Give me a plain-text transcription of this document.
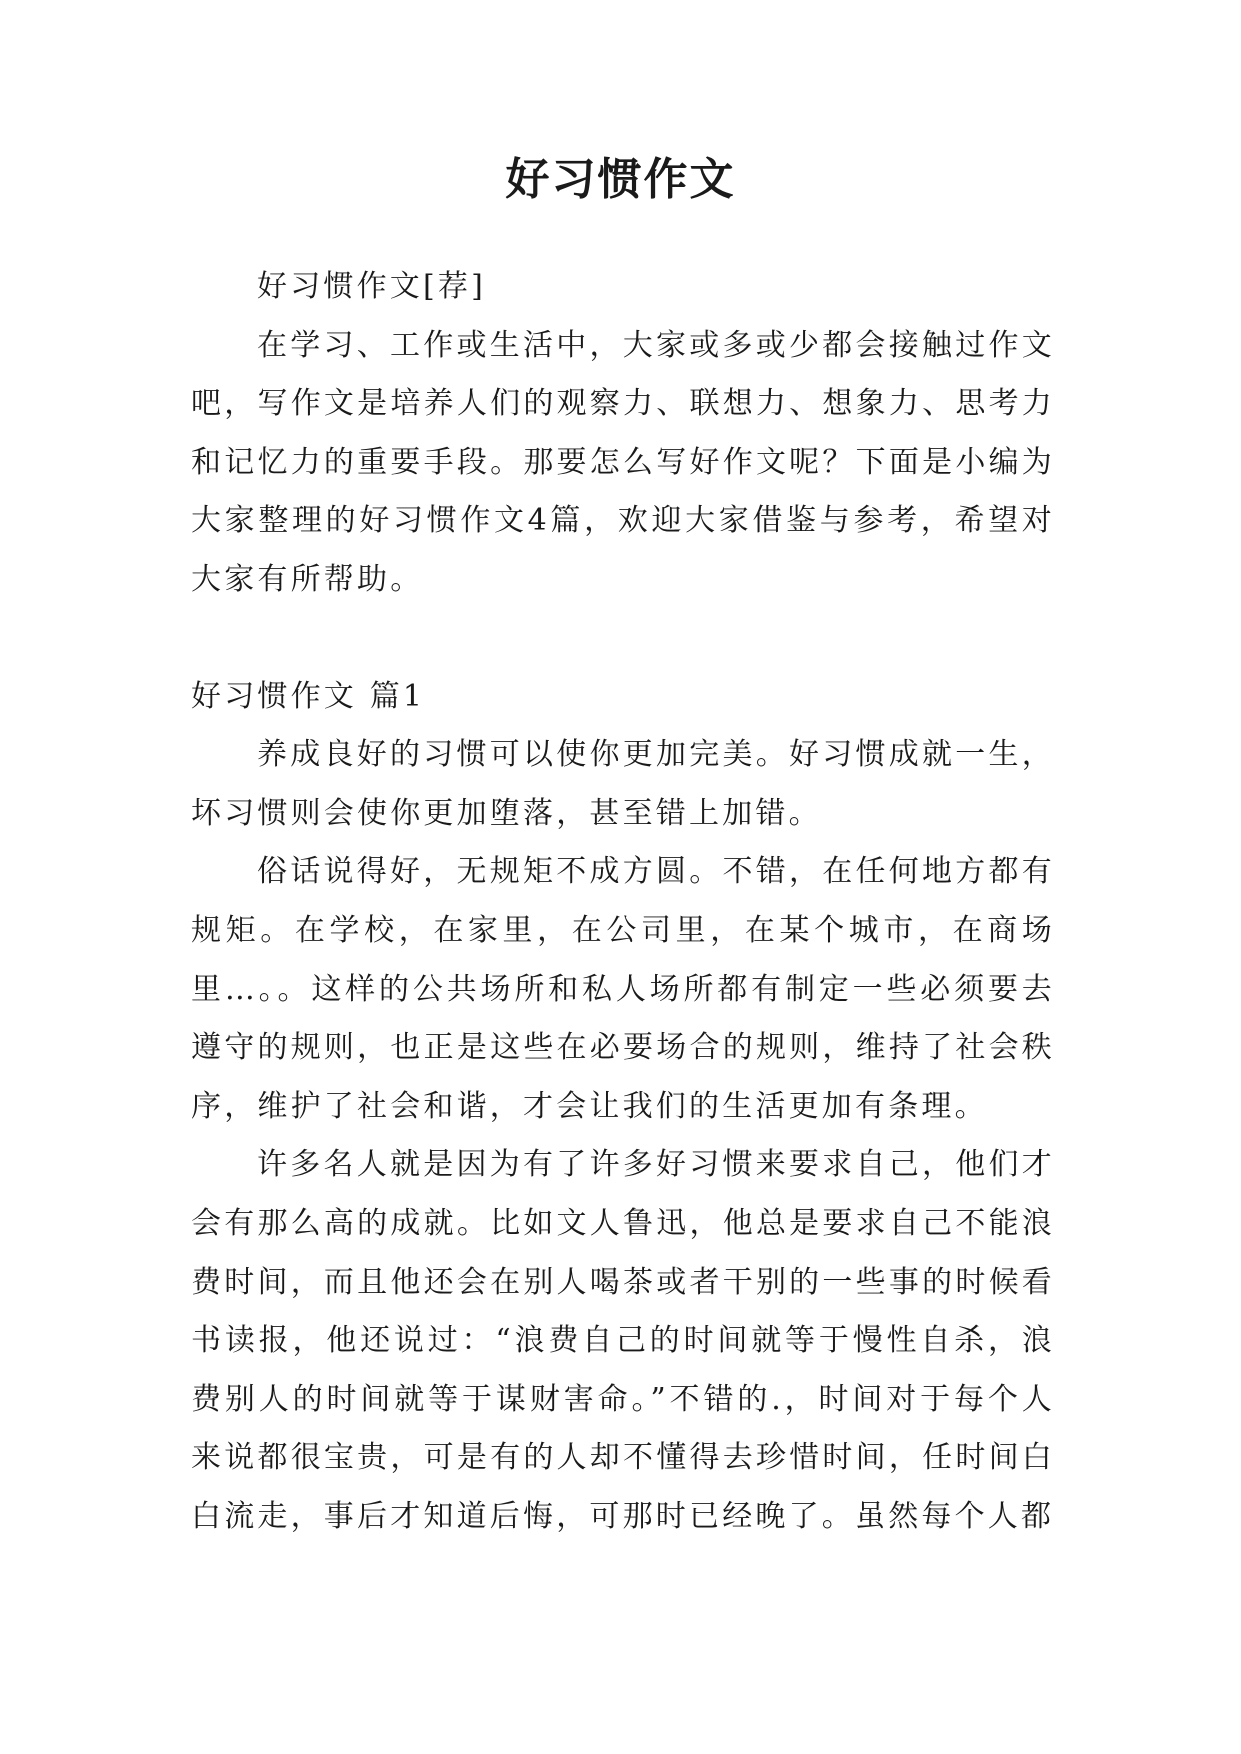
好习惯作文

好习惯作文[荐]

在学习、工作或生活中，大家或多或少都会接触过作文吧，写作文是培养人们的观察力、联想力、想象力、思考力和记忆力的重要手段。那要怎么写好作文呢？下面是小编为大家整理的好习惯作文4篇，欢迎大家借鉴与参考，希望对大家有所帮助。

好习惯作文 篇1

养成良好的习惯可以使你更加完美。好习惯成就一生，坏习惯则会使你更加堕落，甚至错上加错。

俗话说得好，无规矩不成方圆。不错，在任何地方都有规矩。在学校，在家里，在公司里，在某个城市，在商场里…。。这样的公共场所和私人场所都有制定一些必须要去遵守的规则，也正是这些在必要场合的规则，维持了社会秩序，维护了社会和谐，才会让我们的生活更加有条理。

许多名人就是因为有了许多好习惯来要求自己，他们才会有那么高的成就。比如文人鲁迅，他总是要求自己不能浪费时间，而且他还会在别人喝茶或者干别的一些事的时候看书读报，他还说过：“浪费自己的时间就等于慢性自杀，浪费别人的时间就等于谋财害命。”不错的.，时间对于每个人来说都很宝贵，可是有的人却不懂得去珍惜时间，任时间白白流走，事后才知道后悔，可那时已经晚了。虽然每个人都
